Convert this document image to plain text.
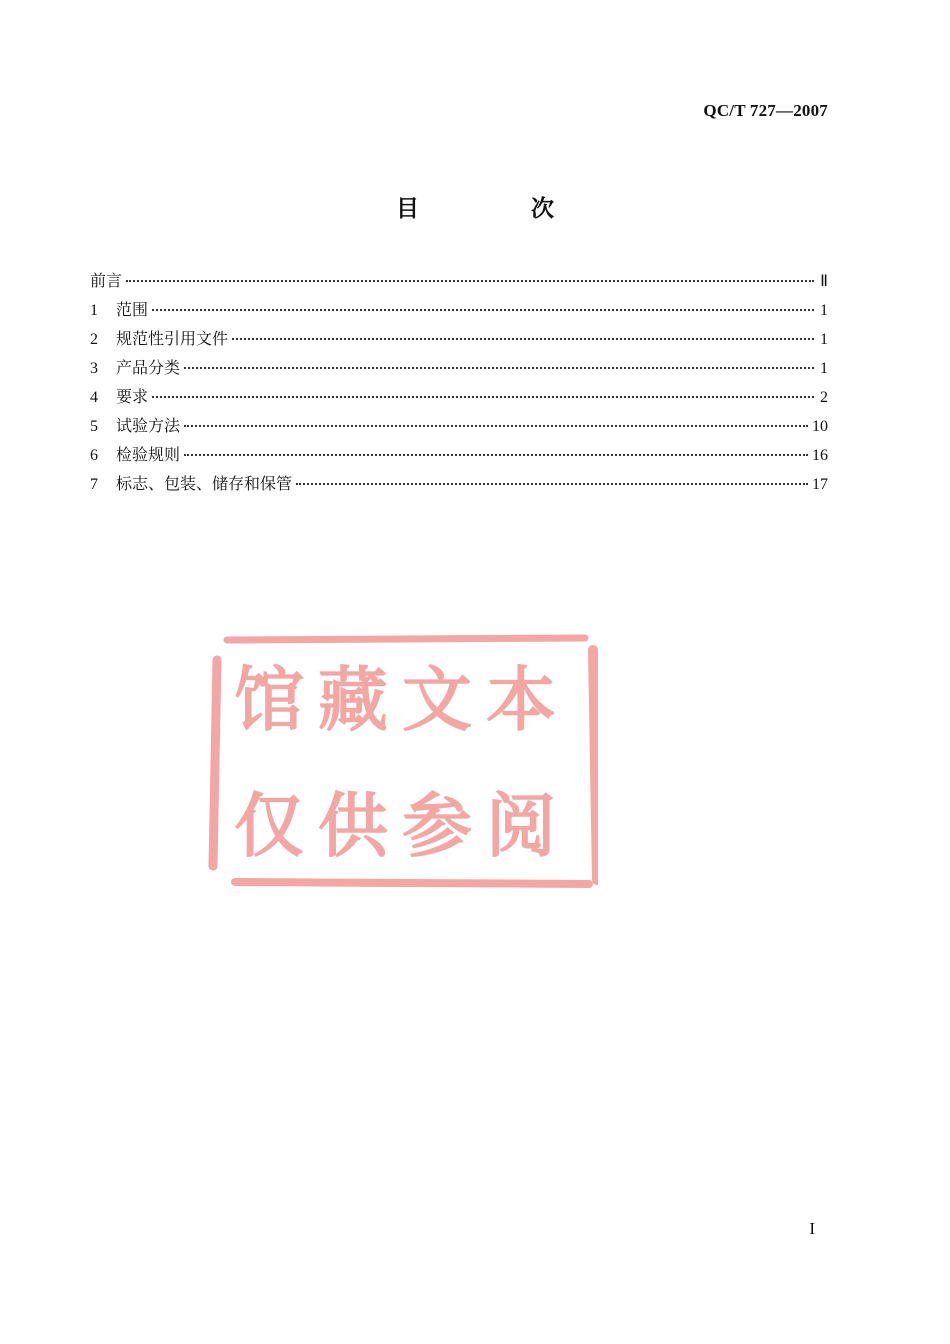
QC/T 727—2007
目 次
前言	Ⅱ
1	范围	1
2	规范性引用文件	1
3	产品分类	1
4	要求	2
5	试验方法	10
6	检验规则	16
7	标志、包装、储存和保管	17
馆藏文本
仅供参阅
I
